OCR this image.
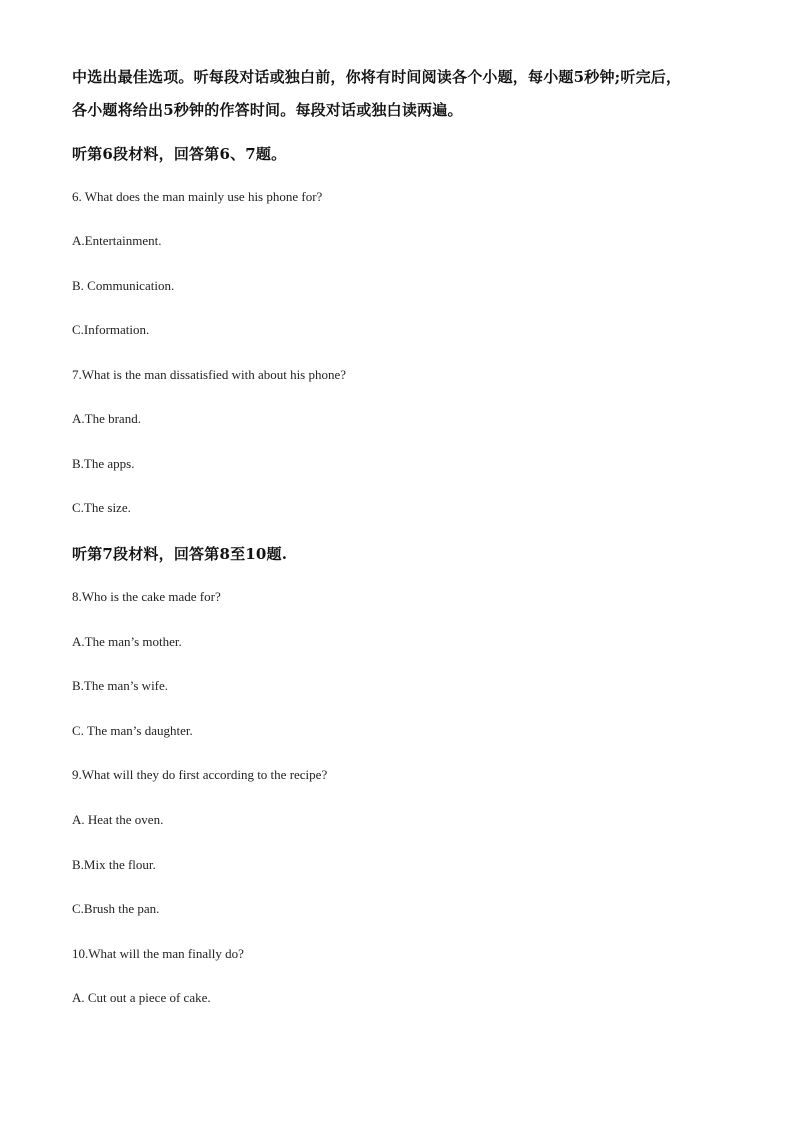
中选出最佳选项。听每段对话或独白前，你将有时间阅读各个小题，每小题5秒钟;听完后，
各小题将给出5秒钟的作答时间。每段对话或独白读两遍。
听第6段材料，回答第6、7题。
6. What does the man mainly use his phone for?
A.Entertainment.
B. Communication.
C.Information.
7.What is the man dissatisfied with about his phone?
A.The brand.
B.The apps.
C.The size.
听第7段材料，回答第8至10题.
8.Who is the cake made for?
A.The man’s mother.
B.The man’s wife.
C. The man’s daughter.
9.What will they do first according to the recipe?
A. Heat the oven.
B.Mix the flour.
C.Brush the pan.
10.What will the man finally do?
A. Cut out a piece of cake.
